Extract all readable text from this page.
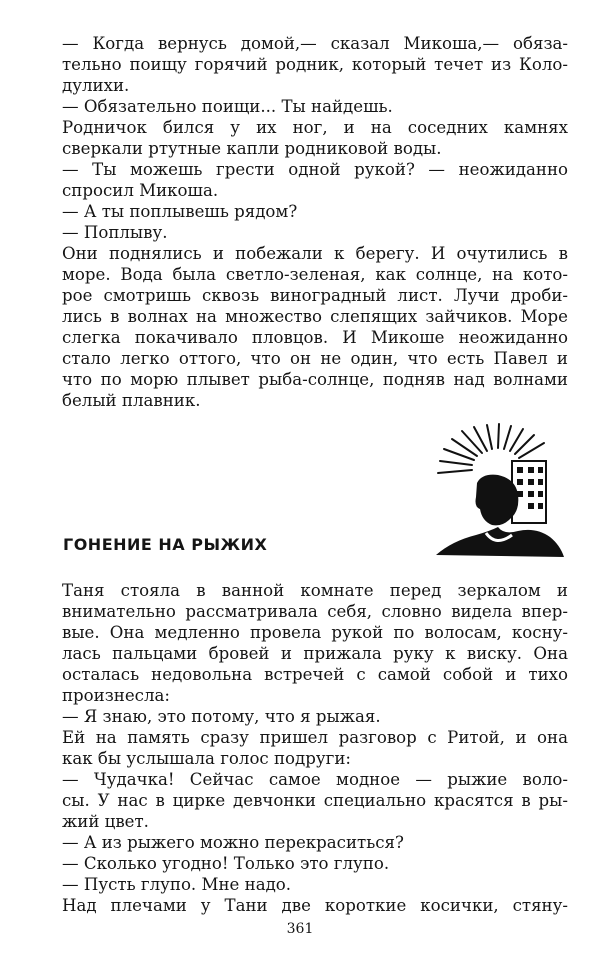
— Когда вернусь домой,— сказал Микоша,— обяза-
тельно поищу горячий родник, который течет из Коло-
дулихи.
— Обязательно поищи... Ты найдешь.
Родничок бился у их ног, и на соседних камнях
сверкали ртутные капли родниковой воды.
— Ты можешь грести одной рукой? — неожиданно
спросил Микоша.
— А ты поплывешь рядом?
— Поплыву.
Они поднялись и побежали к берегу. И очутились в
море. Вода была светло-зеленая, как солнце, на кото-
рое смотришь сквозь виноградный лист. Лучи дроби-
лись в волнах на множество слепящих зайчиков. Море
слегка покачивало пловцов. И Микоше неожиданно
стало легко оттого, что он не один, что есть Павел и
что по морю плывет рыба-солнце, подняв над волнами
белый плавник.
ГОНЕНИЕ НА РЫЖИХ
Таня стояла в ванной комнате перед зеркалом и
внимательно рассматривала себя, словно видела впер-
вые. Она медленно провела рукой по волосам, косну-
лась пальцами бровей и прижала руку к виску. Она
осталась недовольна встречей с самой собой и тихо
произнесла:
— Я знаю, это потому, что я рыжая.
Ей на память сразу пришел разговор с Ритой, и она
как бы услышала голос подруги:
— Чудачка! Сейчас самое модное — рыжие воло-
сы. У нас в цирке девчонки специально красятся в ры-
жий цвет.
— А из рыжего можно перекраситься?
— Сколько угодно! Только это глупо.
— Пусть глупо. Мне надо.
Над плечами у Тани две короткие косички, стяну-
361
